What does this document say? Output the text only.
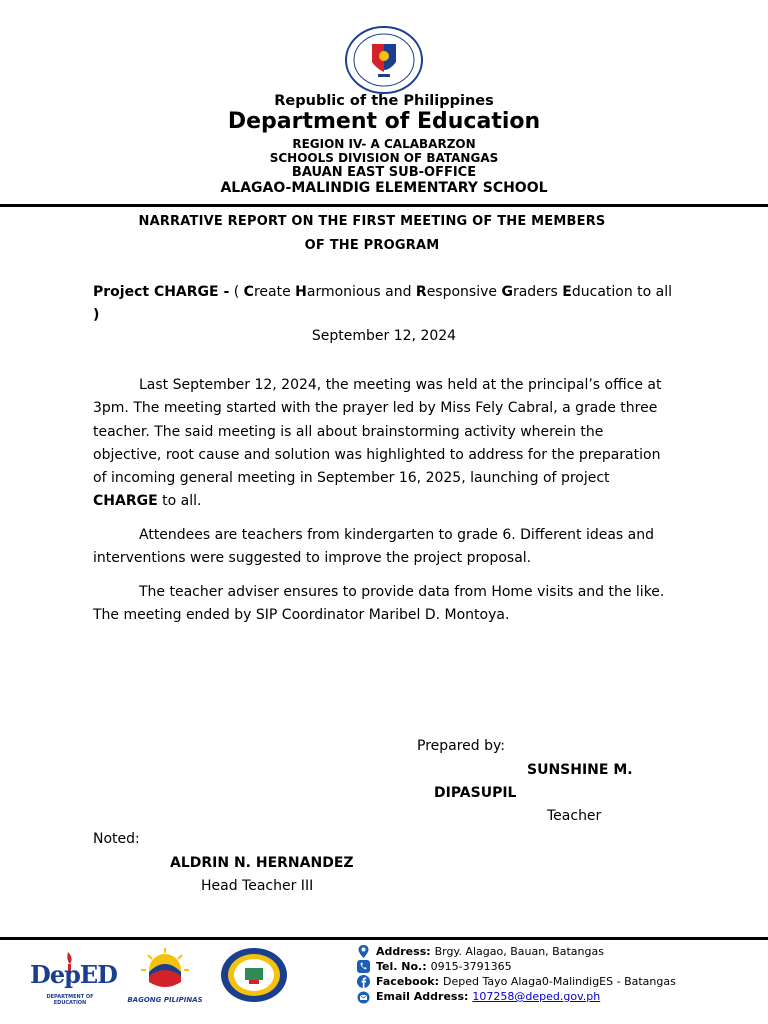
Republic of the Philippines
Department of Education
REGION IV- A CALABARZON
SCHOOLS DIVISION OF BATANGAS
BAUAN EAST SUB-OFFICE
ALAGAO-MALINDIG ELEMENTARY SCHOOL
NARRATIVE REPORT ON THE FIRST MEETING OF THE MEMBERS
OF THE PROGRAM
Project CHARGE - ( Create Harmonious and Responsive Graders Education to all )
September 12, 2024
Last September 12, 2024, the meeting was held at the principal’s office at 3pm. The meeting started with the prayer led by Miss Fely Cabral, a grade three teacher. The said meeting is all about brainstorming activity wherein the objective, root cause and solution was highlighted to address for the preparation of incoming general meeting in September 16, 2025, launching of project CHARGE to all.
Attendees are teachers from kindergarten to grade 6. Different ideas and interventions were suggested to improve the project proposal.
The teacher adviser ensures to provide data from Home visits and the like. The meeting ended by SIP Coordinator Maribel D. Montoya.
Prepared by:
SUNSHINE M.
DIPASUPIL
Teacher
Noted:
ALDRIN N. HERNANDEZ
Head Teacher III
DepED
DEPARTMENT OF EDUCATION	BAGONG PILIPINAS
Address: Brgy. Alagao, Bauan, Batangas
Tel. No.: 0915-3791365
Facebook: Deped Tayo Alaga0-MalindigES - Batangas
Email Address: 107258@deped.gov.ph
